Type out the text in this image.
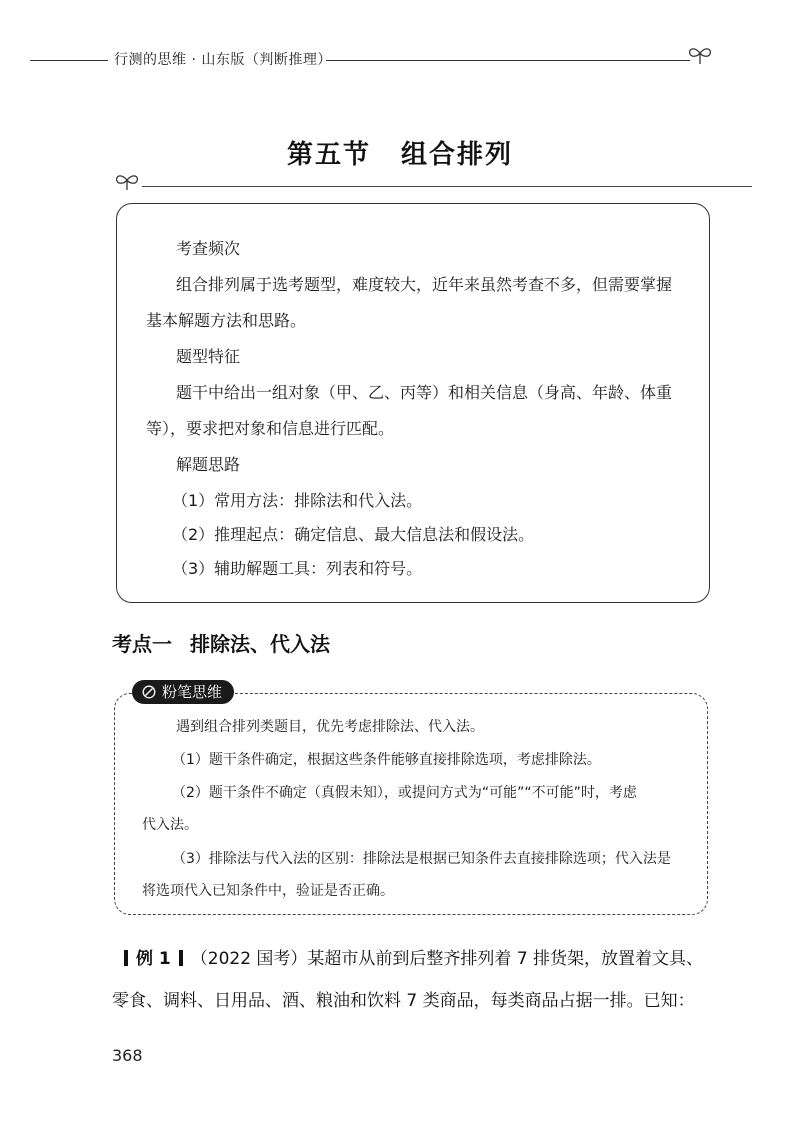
行测的思维 · 山东版（判断推理）
第五节 组合排列
考查频次
组合排列属于选考题型，难度较大，近年来虽然考查不多，但需要掌握
基本解题方法和思路。
题型特征
题干中给出一组对象（甲、乙、丙等）和相关信息（身高、年龄、体重
等），要求把对象和信息进行匹配。
解题思路
（1）常用方法：排除法和代入法。
（2）推理起点：确定信息、最大信息法和假设法。
（3）辅助解题工具：列表和符号。
考点一 排除法、代入法
粉笔思维
遇到组合排列类题目，优先考虑排除法、代入法。
（1）题干条件确定，根据这些条件能够直接排除选项，考虑排除法。
（2）题干条件不确定（真假未知），或提问方式为“可能”“不可能”时，考虑
代入法。
（3）排除法与代入法的区别：排除法是根据已知条件去直接排除选项；代入法是
将选项代入已知条件中，验证是否正确。
例 1 （2022 国考）某超市从前到后整齐排列着 7 排货架，放置着文具、
零食、调料、日用品、酒、粮油和饮料 7 类商品，每类商品占据一排。已知：
368
